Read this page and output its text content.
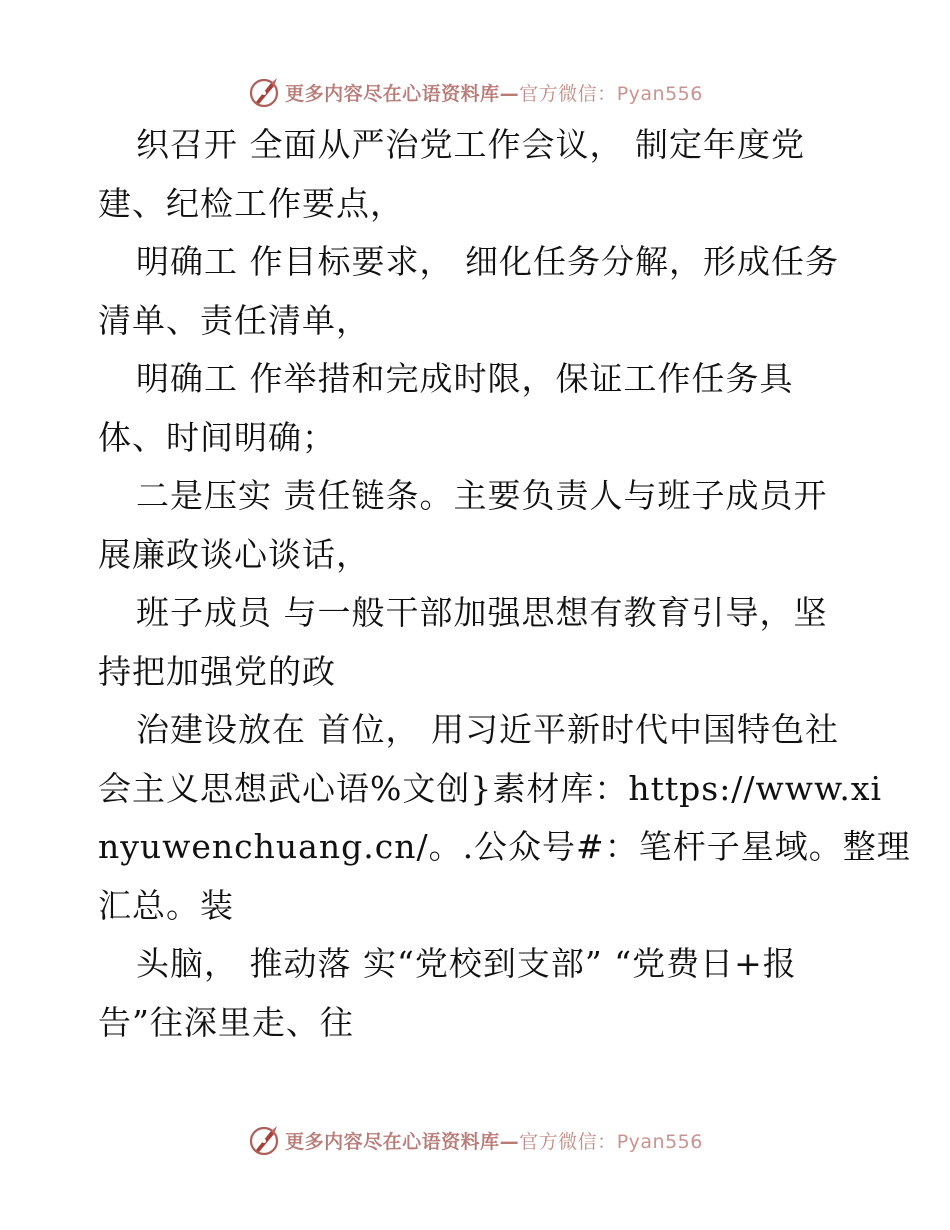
更多内容尽在心语资料库—官方微信：Pyan556
织召开 全面从严治党工作会议， 制定年度党
建、纪检工作要点，
明确工 作目标要求， 细化任务分解，形成任务
清单、责任清单，
明确工 作举措和完成时限，保证工作任务具
体、时间明确；
二是压实 责任链条。主要负责人与班子成员开
展廉政谈心谈话，
班子成员 与一般干部加强思想有教育引导，坚
持把加强党的政
治建设放在 首位， 用习近平新时代中国特色社
会主义思想武心语%文创}素材库：https://www.xi
nyuwenchuang.cn/。.公众号#：笔杆子星域。整理
汇总。装
头脑， 推动落 实“党校到支部” “党费日+报
告”往深里走、往
更多内容尽在心语资料库—官方微信：Pyan556
